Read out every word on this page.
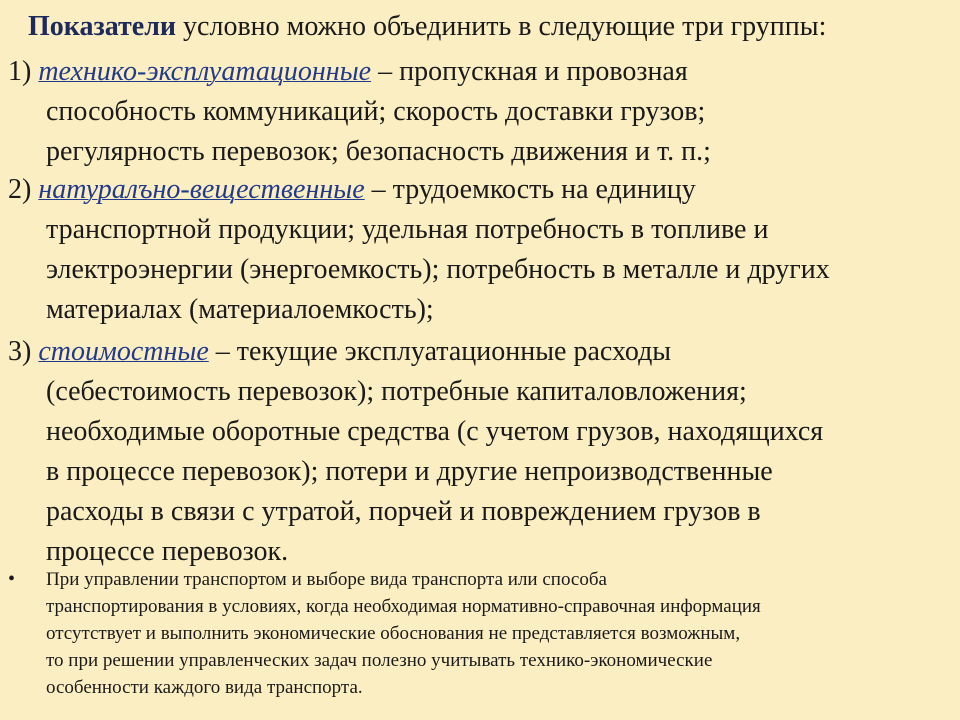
Показатели условно можно объединить в следующие три группы:
1) технико-эксплуатационные – пропускная и провозная
способность коммуникаций; скорость доставки грузов;
регулярность перевозок; безопасность движения и т. п.;
2) натуралъно-вещественные – трудоемкость на единицу
транспортной продукции; удельная потребность в топливе и
электроэнергии (энергоемкость); потребность в металле и других
материалах (материалоемкость);
3) стоимостные – текущие эксплуатационные расходы
(себестоимость перевозок); потребные капиталовложения;
необходимые оборотные средства (с учетом грузов, находящихся
в процессе перевозок); потери и другие непроизводственные
расходы в связи с утратой, порчей и повреждением грузов в
процессе перевозок.
•	При управлении транспортом и выборе вида транспорта или способа
транспортирования в условиях, когда необходимая нормативно-справочная информация
отсутствует и выполнить экономические обоснования не представляется возможным,
то при решении управленческих задач полезно учитывать технико-экономические
особенности каждого вида транспорта.
